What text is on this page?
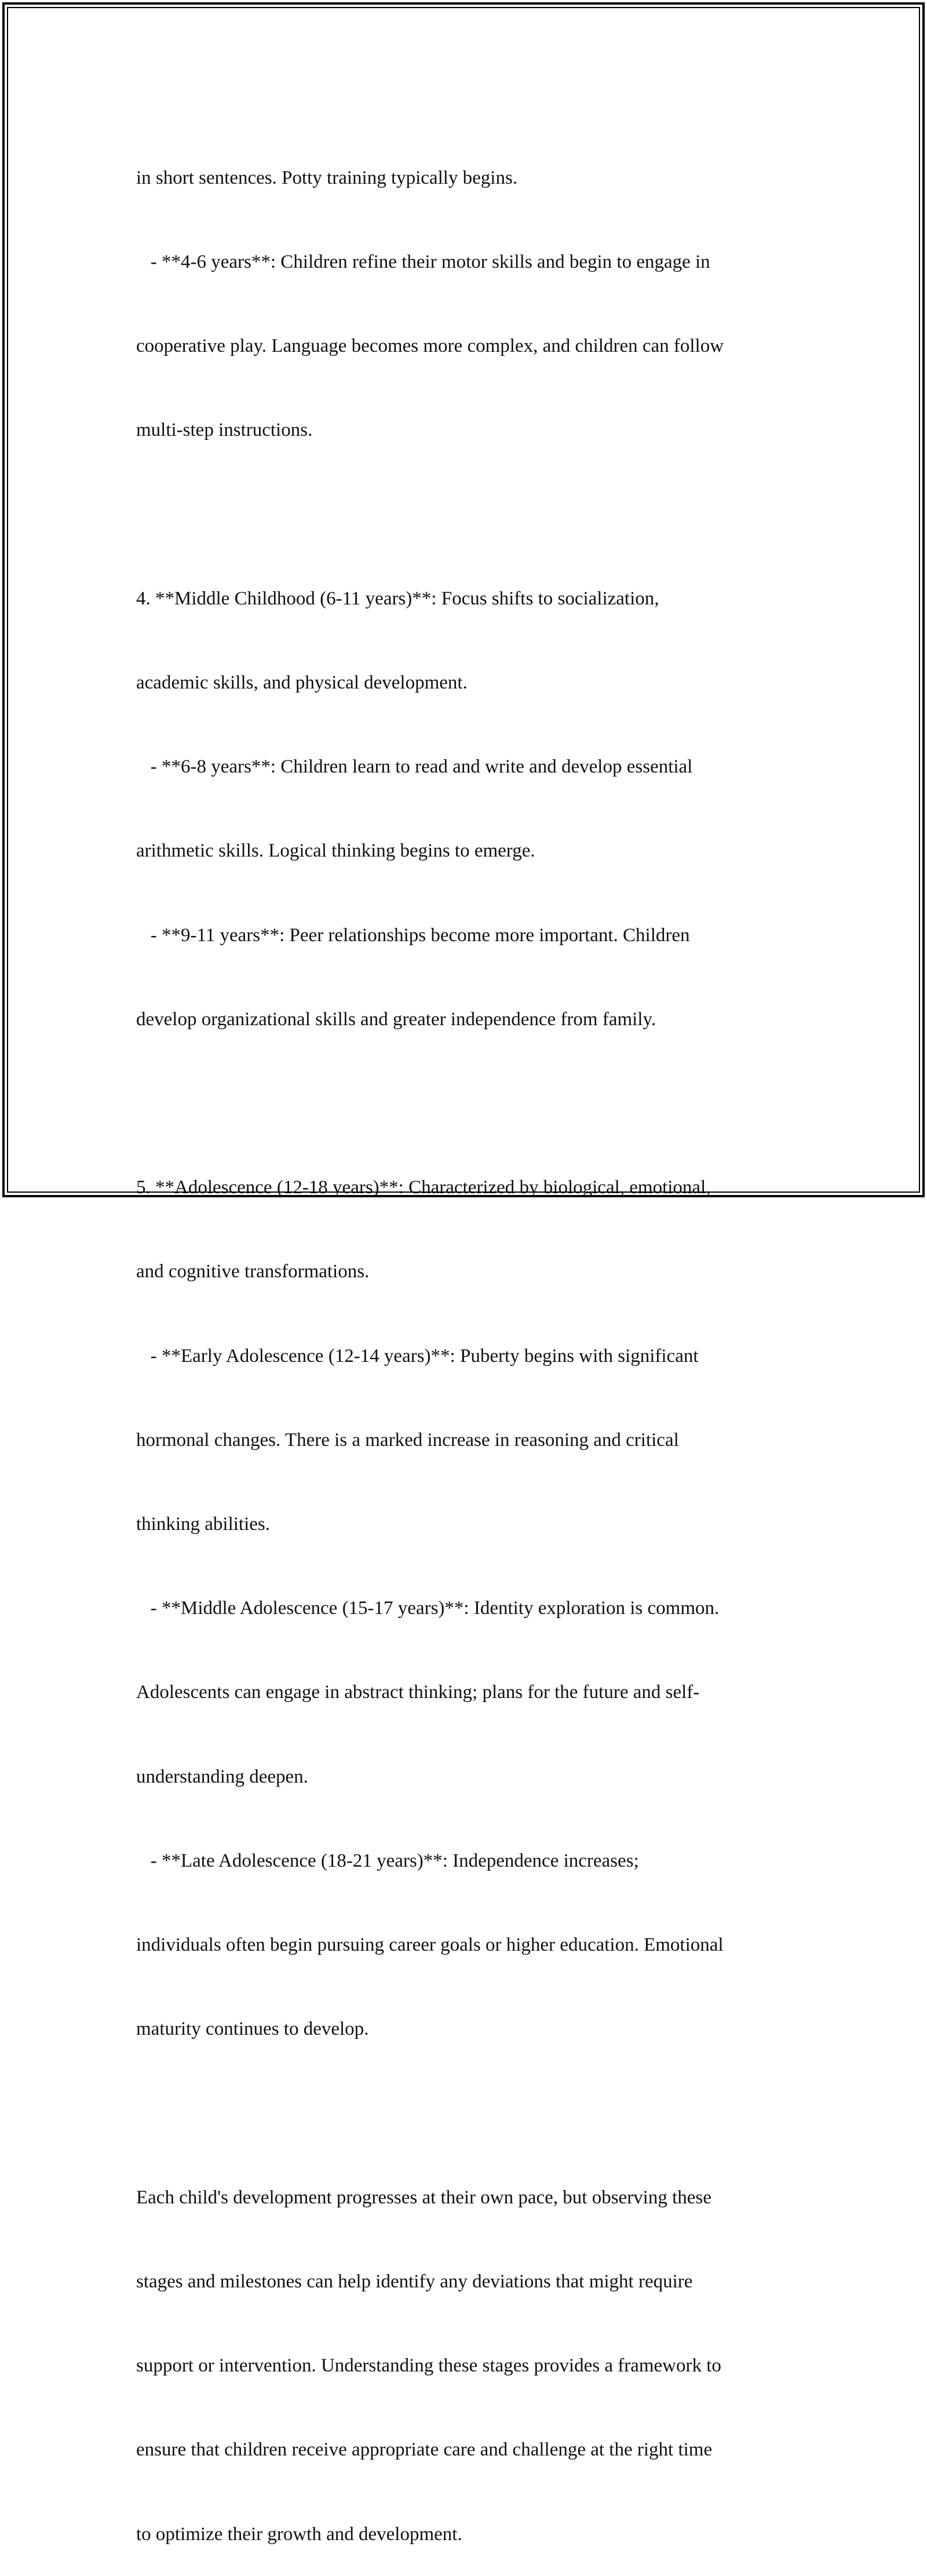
in short sentences. Potty training typically begins.

- **4-6 years**: Children refine their motor skills and begin to engage in

cooperative play. Language becomes more complex, and children can follow

multi-step instructions.

4. **Middle Childhood (6-11 years)**: Focus shifts to socialization,

academic skills, and physical development.

- **6-8 years**: Children learn to read and write and develop essential

arithmetic skills. Logical thinking begins to emerge.

- **9-11 years**: Peer relationships become more important. Children

develop organizational skills and greater independence from family.

5. **Adolescence (12-18 years)**: Characterized by biological, emotional,

and cognitive transformations.

- **Early Adolescence (12-14 years)**: Puberty begins with significant

hormonal changes. There is a marked increase in reasoning and critical

thinking abilities.

- **Middle Adolescence (15-17 years)**: Identity exploration is common.

Adolescents can engage in abstract thinking; plans for the future and self-

understanding deepen.

- **Late Adolescence (18-21 years)**: Independence increases;

individuals often begin pursuing career goals or higher education. Emotional

maturity continues to develop.

Each child's development progresses at their own pace, but observing these

stages and milestones can help identify any deviations that might require

support or intervention. Understanding these stages provides a framework to

ensure that children receive appropriate care and challenge at the right time

to optimize their growth and development.
